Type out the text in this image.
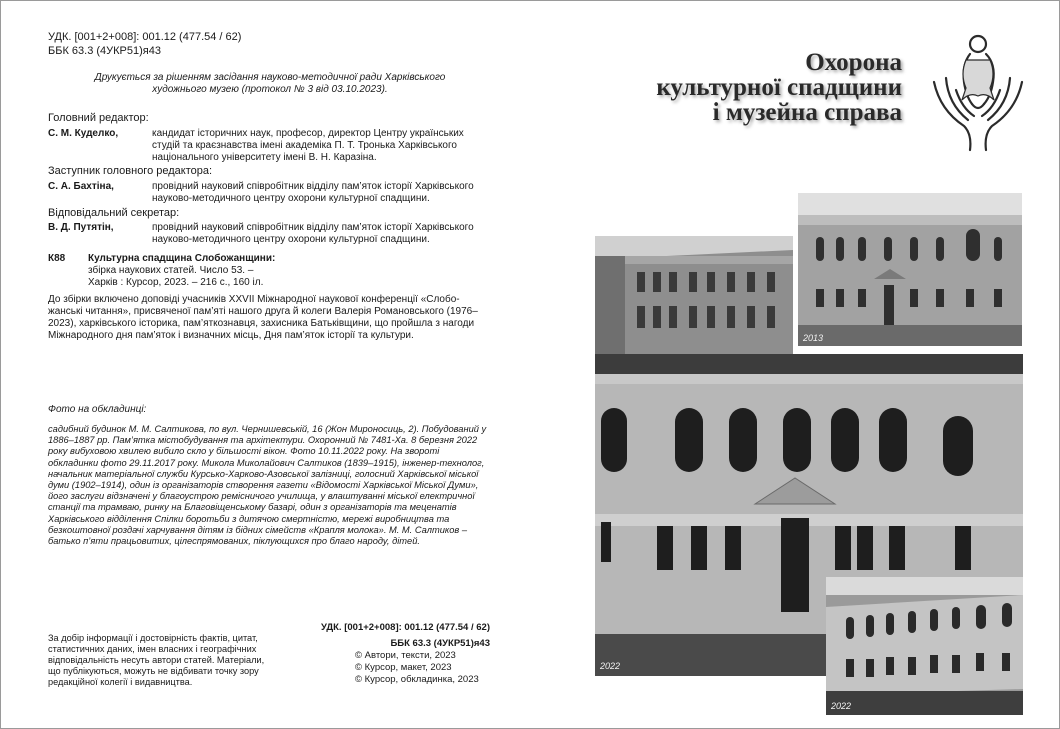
УДК. [001+2+008]: 001.12 (477.54 / 62)
ББК 63.3 (4УКР51)я43
Друкується за рішенням засідання науково-методичної ради Харківського художнього музею (протокол № 3 від 03.10.2023).
Головний редактор:
С. М. Куделко,	кандидат історичних наук, професор, директор Центру українських студій та краєзнавства імені академіка П. Т. Тронька Харківського національного університету імені В. Н. Каразіна.
Заступник головного редактора:
С. А. Бахтіна,	провідний науковий співробітник відділу пам’яток історії Харківського науково-методичного центру охорони культурної спадщини.
Відповідальний секретар:
В. Д. Путятін,	провідний науковий співробітник відділу пам’яток історії Харківського науково-методичного центру охорони культурної спадщини.
К88 Культурна спадщина Слобожанщини:
збірка наукових статей. Число 53. –
Харків : Курсор, 2023. – 216 с., 160 іл.
До збірки включено доповіді учасників XXVII Міжнародної наукової конференції «Слобожанські читання», присвяченої пам’яті нашого друга й колеги Валерія Романовського (1976–2023), харківського історика, пам’яткознавця, захисника Батьківщини, що пройшла з нагоди Міжнародного дня пам’яток і визначних місць, Дня пам’яток історії та культури.
Фото на обкладинці:
садибний будинок М. М. Салтикова, по вул. Чернишевській, 16 (Жон Мироносиць, 2). Побудований у 1886–1887 рр. Пам’ятка містобудування та архітектури. Охоронний № 7481-Ха. 8 березня 2022 року вибуховою хвилею вибило скло у більшості вікон. Фото 10.11.2022 року. На звороті обкладинки фото 29.11.2017 року. Микола Миколайович Салтиков (1839–1915), інженер-технолог, начальник матеріальної служби Курсько-Харково-Азовської залізниці, голосний Харківської міської думи (1902–1914), один із організаторів створення газети «Відомості Харківської Міської Думи», його заслуги відзначені у благоустрою ремісничого училища, у влаштуванні міської електричної станції та трамваю, ринку на Благовіщенському базарі, один з організаторів та меценатів Харківського відділення Спілки боротьби з дитячою смертністю, мережі виробництва та безкоштовної роздачі харчування дітям із бідних сімейств «Крапля молока». М. М. Салтиков – батько п’яти працьовитих, цілеспрямованих, піклующихся про благо народу, дітей.
За добір інформації і достовірність фактів, цитат, статистичних даних, імен власних і географічних відповідальність несуть автори статей. Матеріали, що публікуються, можуть не відбивати точку зору редакційної колегії і видавництва.
УДК. [001+2+008]: 001.12 (477.54 / 62)
ББК 63.3 (4УКР51)я43
© Автори, тексти, 2023
© Курсор, макет, 2023
© Курсор, обкладинка, 2023
Охорона
культурної спадщини
і музейна справа
2013
2022
2022
